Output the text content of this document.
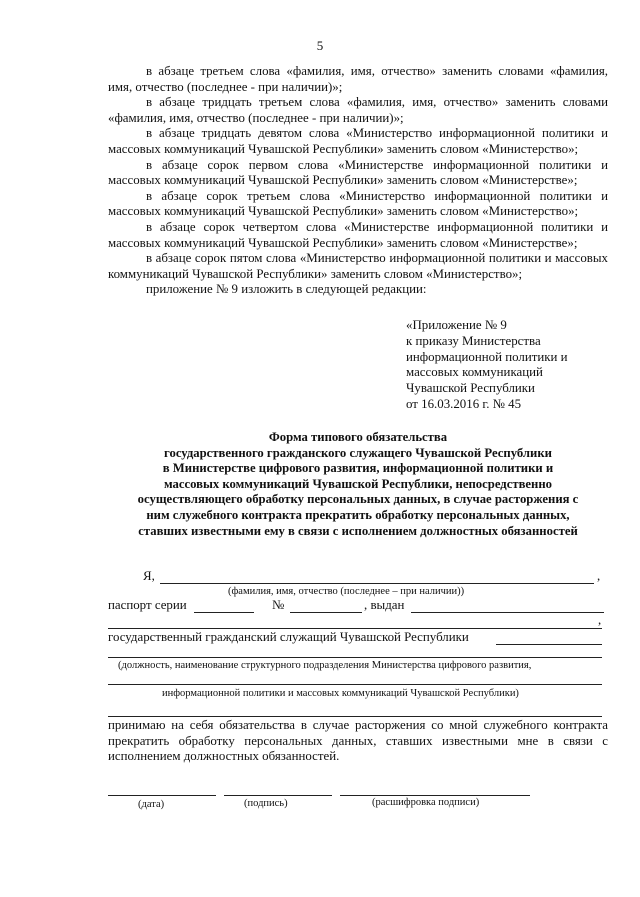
5

в абзаце третьем слова «фамилия, имя, отчество» заменить словами «фамилия, имя, отчество (последнее - при наличии)»;

в абзаце тридцать третьем слова «фамилия, имя, отчество» заменить словами «фамилия, имя, отчество (последнее - при наличии)»;

в абзаце тридцать девятом слова «Министерство информационной политики и массовых коммуникаций Чувашской Республики» заменить словом «Министерство»;

в абзаце сорок первом слова «Министерстве информационной политики и массовых коммуникаций Чувашской Республики» заменить словом «Министерстве»;

в абзаце сорок третьем слова «Министерство информационной политики и массовых коммуникаций Чувашской Республики» заменить словом «Министерство»;

в абзаце сорок четвертом слова «Министерстве информационной политики и массовых коммуникаций Чувашской Республики» заменить словом «Министерстве»;

в абзаце сорок пятом слова «Министерство информационной политики и массовых коммуникаций Чувашской Республики» заменить словом «Министерство»;

приложение № 9 изложить в следующей редакции:

«Приложение № 9
к приказу Министерства
информационной политики и
массовых коммуникаций
Чувашской Республики
от 16.03.2016 г. № 45
Форма типового обязательства
государственного гражданского служащего Чувашской Республики
в Министерстве цифрового развития, информационной политики и
массовых коммуникаций Чувашской Республики, непосредственно
осуществляющего обработку персональных данных, в случае расторжения с
ним служебного контракта прекратить обработку персональных данных,
ставших известными ему в связи с исполнением должностных обязанностей
Я,	,
(фамилия, имя, отчество (последнее – при наличии))
паспорт серии	№	, выдан
,
государственный гражданский служащий Чувашской Республики
(должность, наименование структурного подразделения Министерства цифрового развития,
информационной политики и массовых коммуникаций Чувашской Республики)
(дата)	(подпись)	(расшифровка подписи)

принимаю на себя обязательства в случае расторжения со мной служебного контракта прекратить обработку персональных данных, ставших известными мне в связи с исполнением должностных обязанностей.
